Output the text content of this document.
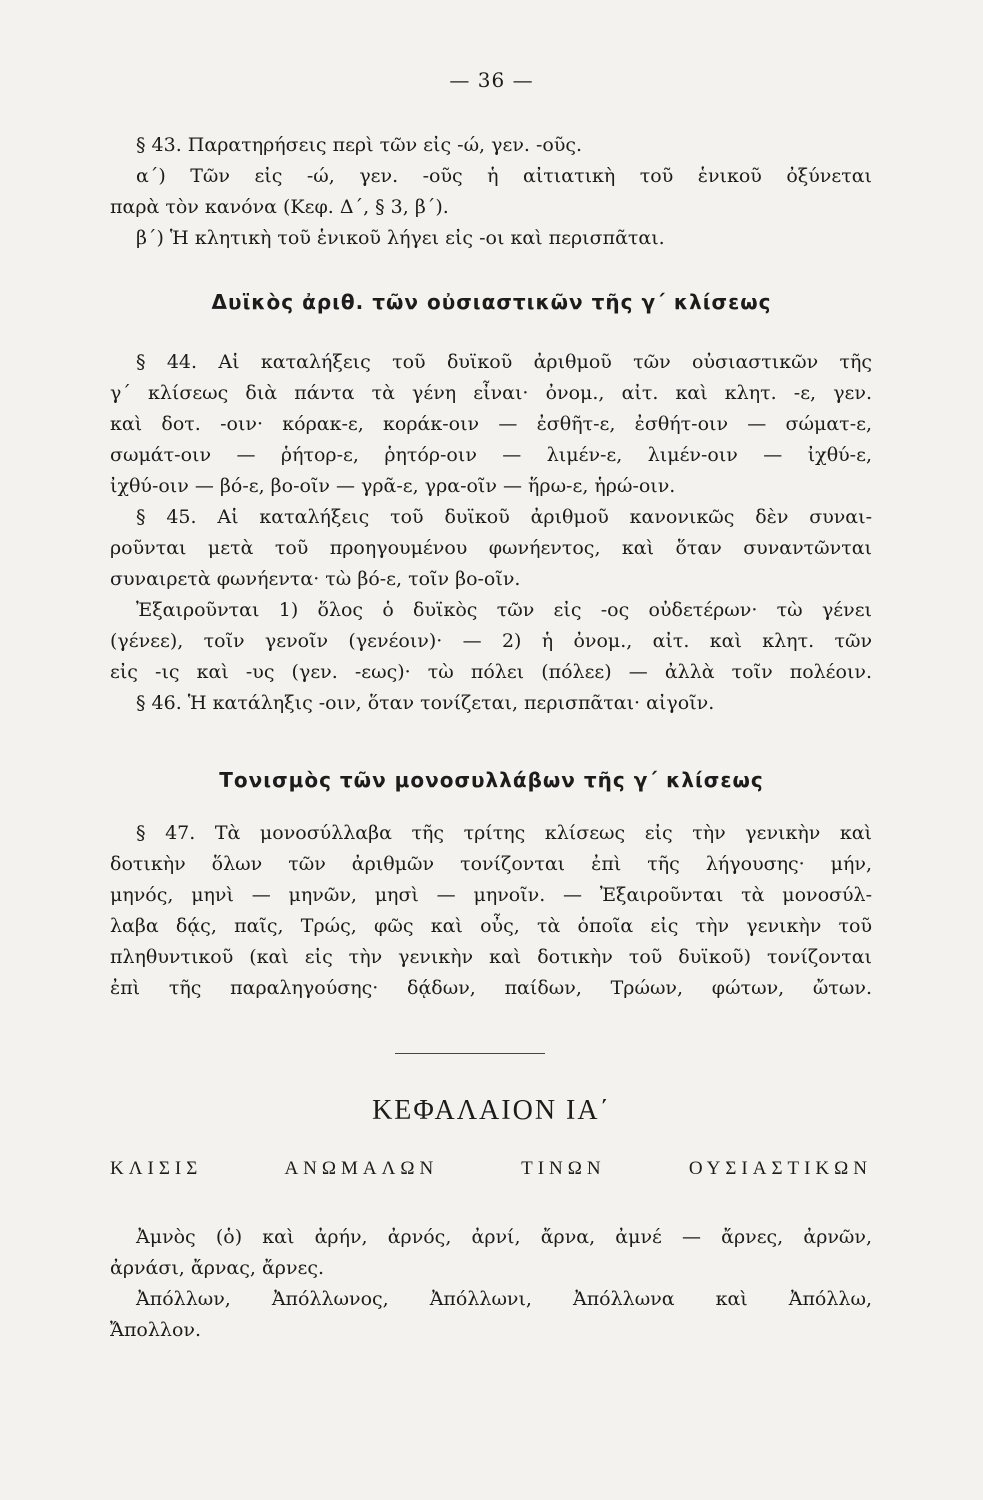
— 36 —
§ 43. Παρατηρήσεις περὶ τῶν εἰς -ώ, γεν. -οῦς.
α΄) Τῶν εἰς -ώ, γεν. -οῦς ἡ αἰτιατικὴ τοῦ ἑνικοῦ ὀξύνεται
παρὰ τὸν κανόνα (Κεφ. Δ΄, § 3, β΄).
β΄) Ἡ κλητικὴ τοῦ ἑνικοῦ λήγει εἰς -οι καὶ περισπᾶται.
Δυϊκὸς ἀριθ. τῶν οὐσιαστικῶν τῆς γ΄ κλίσεως
§ 44. Αἱ καταλήξεις τοῦ δυϊκοῦ ἀριθμοῦ τῶν οὐσιαστικῶν τῆς
γ΄ κλίσεως διὰ πάντα τὰ γένη εἶναι· ὀνομ., αἰτ. καὶ κλητ. -ε, γεν.
καὶ δοτ. -οιν· κόρακ-ε, κοράκ-οιν — ἐσθῆτ-ε, ἐσθήτ-οιν — σώματ-ε,
σωμάτ-οιν — ῥήτορ-ε, ῥητόρ-οιν — λιμέν-ε, λιμέν-οιν — ἰχθύ-ε,
ἰχθύ-οιν — βό-ε, βο-οῖν — γρᾶ-ε, γρα-οῖν — ἥρω-ε, ἡρώ-οιν.
§ 45. Αἱ καταλήξεις τοῦ δυϊκοῦ ἀριθμοῦ κανονικῶς δὲν συναι-
ροῦνται μετὰ τοῦ προηγουμένου φωνήεντος, καὶ ὅταν συναντῶνται
συναιρετὰ φωνήεντα· τὼ βό-ε, τοῖν βο-οῖν.
Ἐξαιροῦνται 1) ὅλος ὁ δυϊκὸς τῶν εἰς -ος οὐδετέρων· τὼ γένει
(γένεε), τοῖν γενοῖν (γενέοιν)· — 2) ἡ ὀνομ., αἰτ. καὶ κλητ. τῶν
εἰς -ις καὶ -υς (γεν. -εως)· τὼ πόλει (πόλεε) — ἀλλὰ τοῖν πολέοιν.
§ 46. Ἡ κατάληξις -οιν, ὅταν τονίζεται, περισπᾶται· αἰγοῖν.
Τονισμὸς τῶν μονοσυλλάβων τῆς γ΄ κλίσεως
§ 47. Τὰ μονοσύλλαβα τῆς τρίτης κλίσεως εἰς τὴν γενικὴν καὶ
δοτικὴν ὅλων τῶν ἀριθμῶν τονίζονται ἐπὶ τῆς λήγουσης· μήν,
μηνός, μηνὶ — μηνῶν, μησὶ — μηνοῖν. — Ἐξαιροῦνται τὰ μονοσύλ-
λαβα δᾴς, παῖς, Τρώς, φῶς καὶ οὖς, τὰ ὁποῖα εἰς τὴν γενικὴν τοῦ
πληθυντικοῦ (καὶ εἰς τὴν γενικὴν καὶ δοτικὴν τοῦ δυϊκοῦ) τονίζονται
ἐπὶ τῆς παραληγούσης· δᾴδων, παίδων, Τρώων, φώτων, ὤτων.
ΚΕΦΑΛΑΙΟΝ ΙΑ΄
ΚΛΙΣΙΣ ΑΝΩΜΑΛΩΝ ΤΙΝΩΝ ΟΥΣΙΑΣΤΙΚΩΝ
Ἀμνὸς (ὁ) καὶ ἀρήν, ἀρνός, ἀρνί, ἄρνα, ἀμνέ — ἄρνες, ἀρνῶν,
ἀρνάσι, ἄρνας, ἄρνες.
Ἀπόλλων, Ἀπόλλωνος, Ἀπόλλωνι, Ἀπόλλωνα καὶ Ἀπόλλω,
Ἄπολλον.
